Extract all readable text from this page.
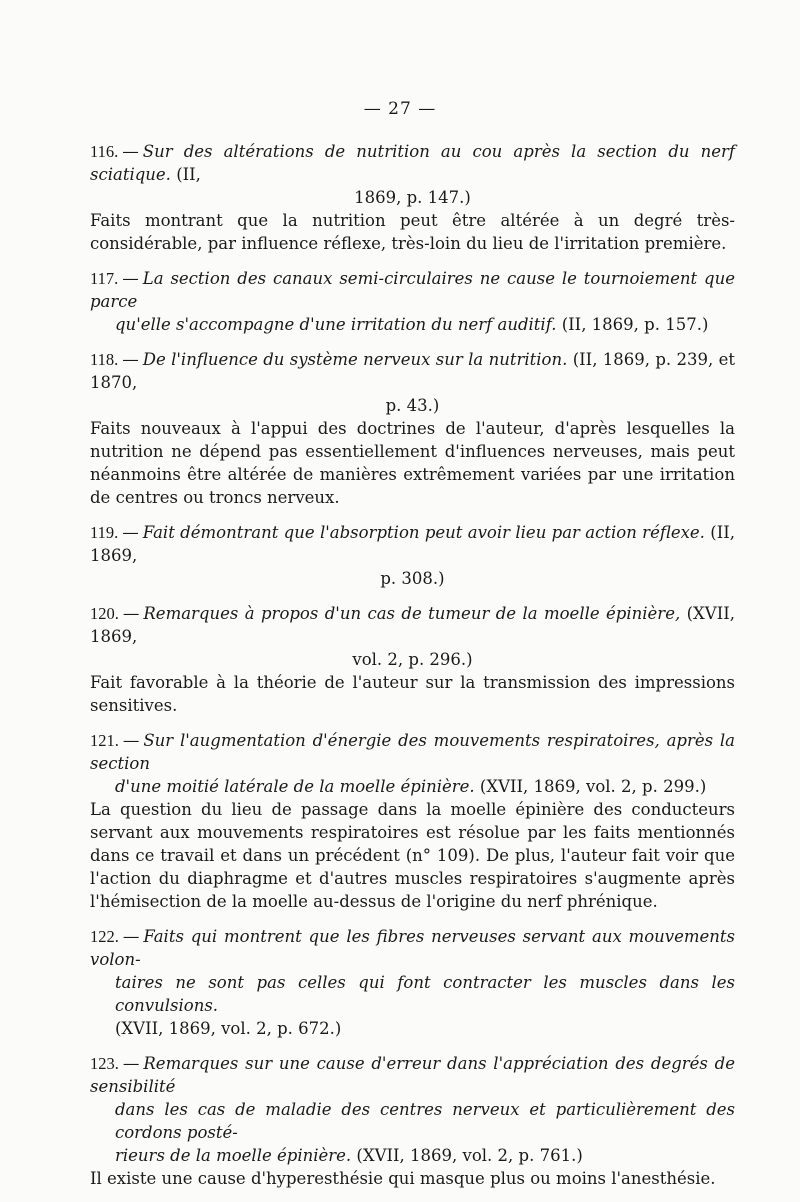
— 27 —
116. — Sur des altérations de nutrition au cou après la section du nerf sciatique. (II,
1869, p. 147.)

Faits montrant que la nutrition peut être altérée à un degré très-considérable, par influence réflexe, très-loin du lieu de l'irritation première.

117. — La section des canaux semi-circulaires ne cause le tournoiement que parce
qu'elle s'accompagne d'une irritation du nerf auditif. (II, 1869, p. 157.)
118. — De l'influence du système nerveux sur la nutrition. (II, 1869, p. 239, et 1870,
p. 43.)

Faits nouveaux à l'appui des doctrines de l'auteur, d'après lesquelles la nutrition ne dépend pas essentiellement d'influences nerveuses, mais peut néanmoins être altérée de manières extrêmement variées par une irritation de centres ou troncs nerveux.

119. — Fait démontrant que l'absorption peut avoir lieu par action réflexe. (II, 1869,
p. 308.)
120. — Remarques à propos d'un cas de tumeur de la moelle épinière, (XVII, 1869,
vol. 2, p. 296.)

Fait favorable à la théorie de l'auteur sur la transmission des impressions sensitives.

121. — Sur l'augmentation d'énergie des mouvements respiratoires, après la section
d'une moitié latérale de la moelle épinière. (XVII, 1869, vol. 2, p. 299.)

La question du lieu de passage dans la moelle épinière des conducteurs servant aux mouvements respiratoires est résolue par les faits mentionnés dans ce travail et dans un précédent (n° 109). De plus, l'auteur fait voir que l'action du diaphragme et d'autres muscles respiratoires s'augmente après l'hémisection de la moelle au-dessus de l'origine du nerf phrénique.

122. — Faits qui montrent que les fibres nerveuses servant aux mouvements volon-
taires ne sont pas celles qui font contracter les muscles dans les convulsions.
(XVII, 1869, vol. 2, p. 672.)
123. — Remarques sur une cause d'erreur dans l'appréciation des degrés de sensibilité
dans les cas de maladie des centres nerveux et particulièrement des cordons posté-
rieurs de la moelle épinière. (XVII, 1869, vol. 2, p. 761.)

Il existe une cause d'hyperesthésie qui masque plus ou moins l'anesthésie.
